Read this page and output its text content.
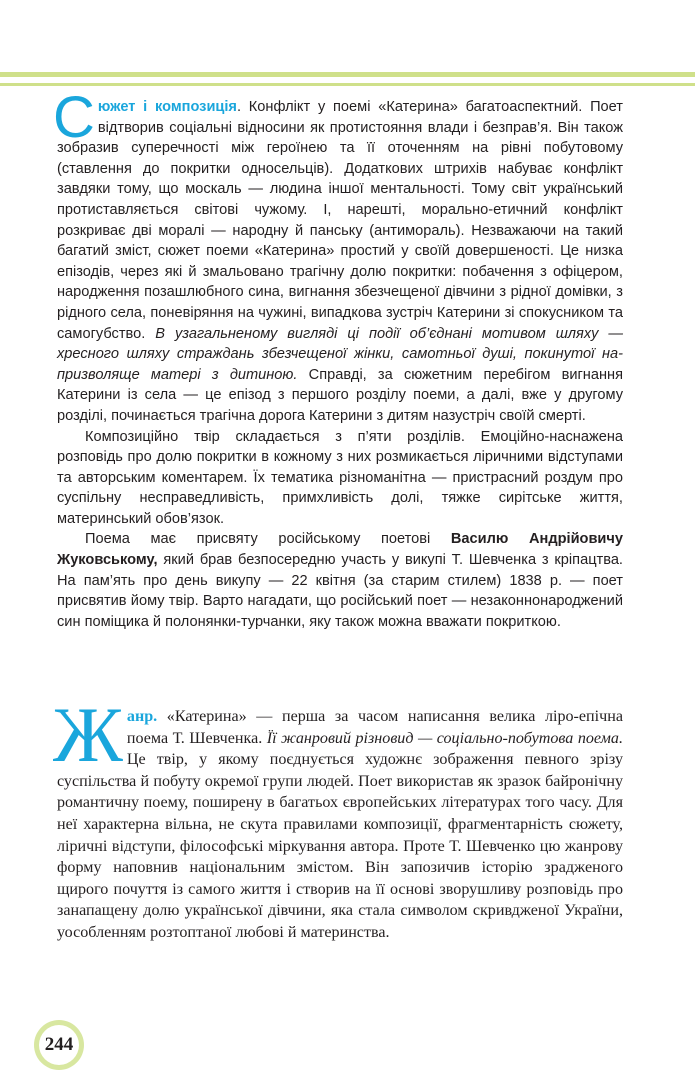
Сюжет і композиція. Конфлікт у поемі «Катерина» багатоаспектний. Поет відтворив соціальні відносини як протистояння влади і безправ’я. Він також зобразив суперечності між героїнею та її оточенням на рівні побутовому (ставлення до покритки односельців). Додаткових штрихів набуває конфлікт завдяки тому, що москаль — людина іншої ментальності. Тому світ український протиставляється світові чужому. І, нарешті, морально-етичний конфлікт розкриває дві моралі — народну й панську (антимораль). Незважаючи на такий багатий зміст, сюжет поеми «Катерина» простий у своїй довершеності. Це низка епізодів, через які й змальовано трагічну долю покритки: побачення з офіцером, народження позашлюбного сина, вигнання збезчещеної дівчини з рідної домівки, з рідного села, поневіряння на чужині, випадкова зустріч Катерини зі спокусником та самогубство. В узагальненому вигляді ці події об’єднані мотивом шляху — хресного шляху страждань збезчещеної жінки, самотньої душі, покинутої напризволяще матері з дитиною. Справді, за сюжетним перебігом вигнання Катерини із села — це епізод з першого розділу поеми, а далі, вже у другому розділі, починається трагічна дорога Катерини з дитям назустріч своїй смерті.

Композиційно твір складається з п’яти розділів. Емоційно-наснажена розповідь про долю покритки в кожному з них розмикається ліричними відступами та авторським коментарем. Їх тематика різноманітна — пристрасний роздум про суспільну несправедливість, примхливість долі, тяжке сирітське життя, материнський обов’язок.

Поема має присвяту російському поетові Василю Андрійовичу Жуковському, який брав безпосередню участь у викупі Т. Шевченка з кріпацтва. На пам’ять про день викупу — 22 квітня (за старим стилем) 1838 р. — поет присвятив йому твір. Варто нагадати, що російський поет — незаконнонароджений син поміщика й полонянки-турчанки, яку також можна вважати покриткою.

Жанр. «Катерина» — перша за часом написання велика ліро-епічна поема Т. Шевченка. Її жанровий різновид — соціально-побутова поема. Це твір, у якому поєднується художнє зображення певного зрізу суспільства й побуту окремої групи людей. Поет використав як зразок байронічну романтичну поему, поширену в багатьох європейських літературах того часу. Для неї характерна вільна, не скута правилами композиції, фрагментарність сюжету, ліричні відступи, філософські міркування автора. Проте Т. Шевченко цю жанрову форму наповнив національним змістом. Він запозичив історію зрадженого щирого почуття із самого життя і створив на її основі зворушливу розповідь про занапащену долю української дівчини, яка стала символом скривдженої України, уособленням розтоптаної любові й материнства.

244
